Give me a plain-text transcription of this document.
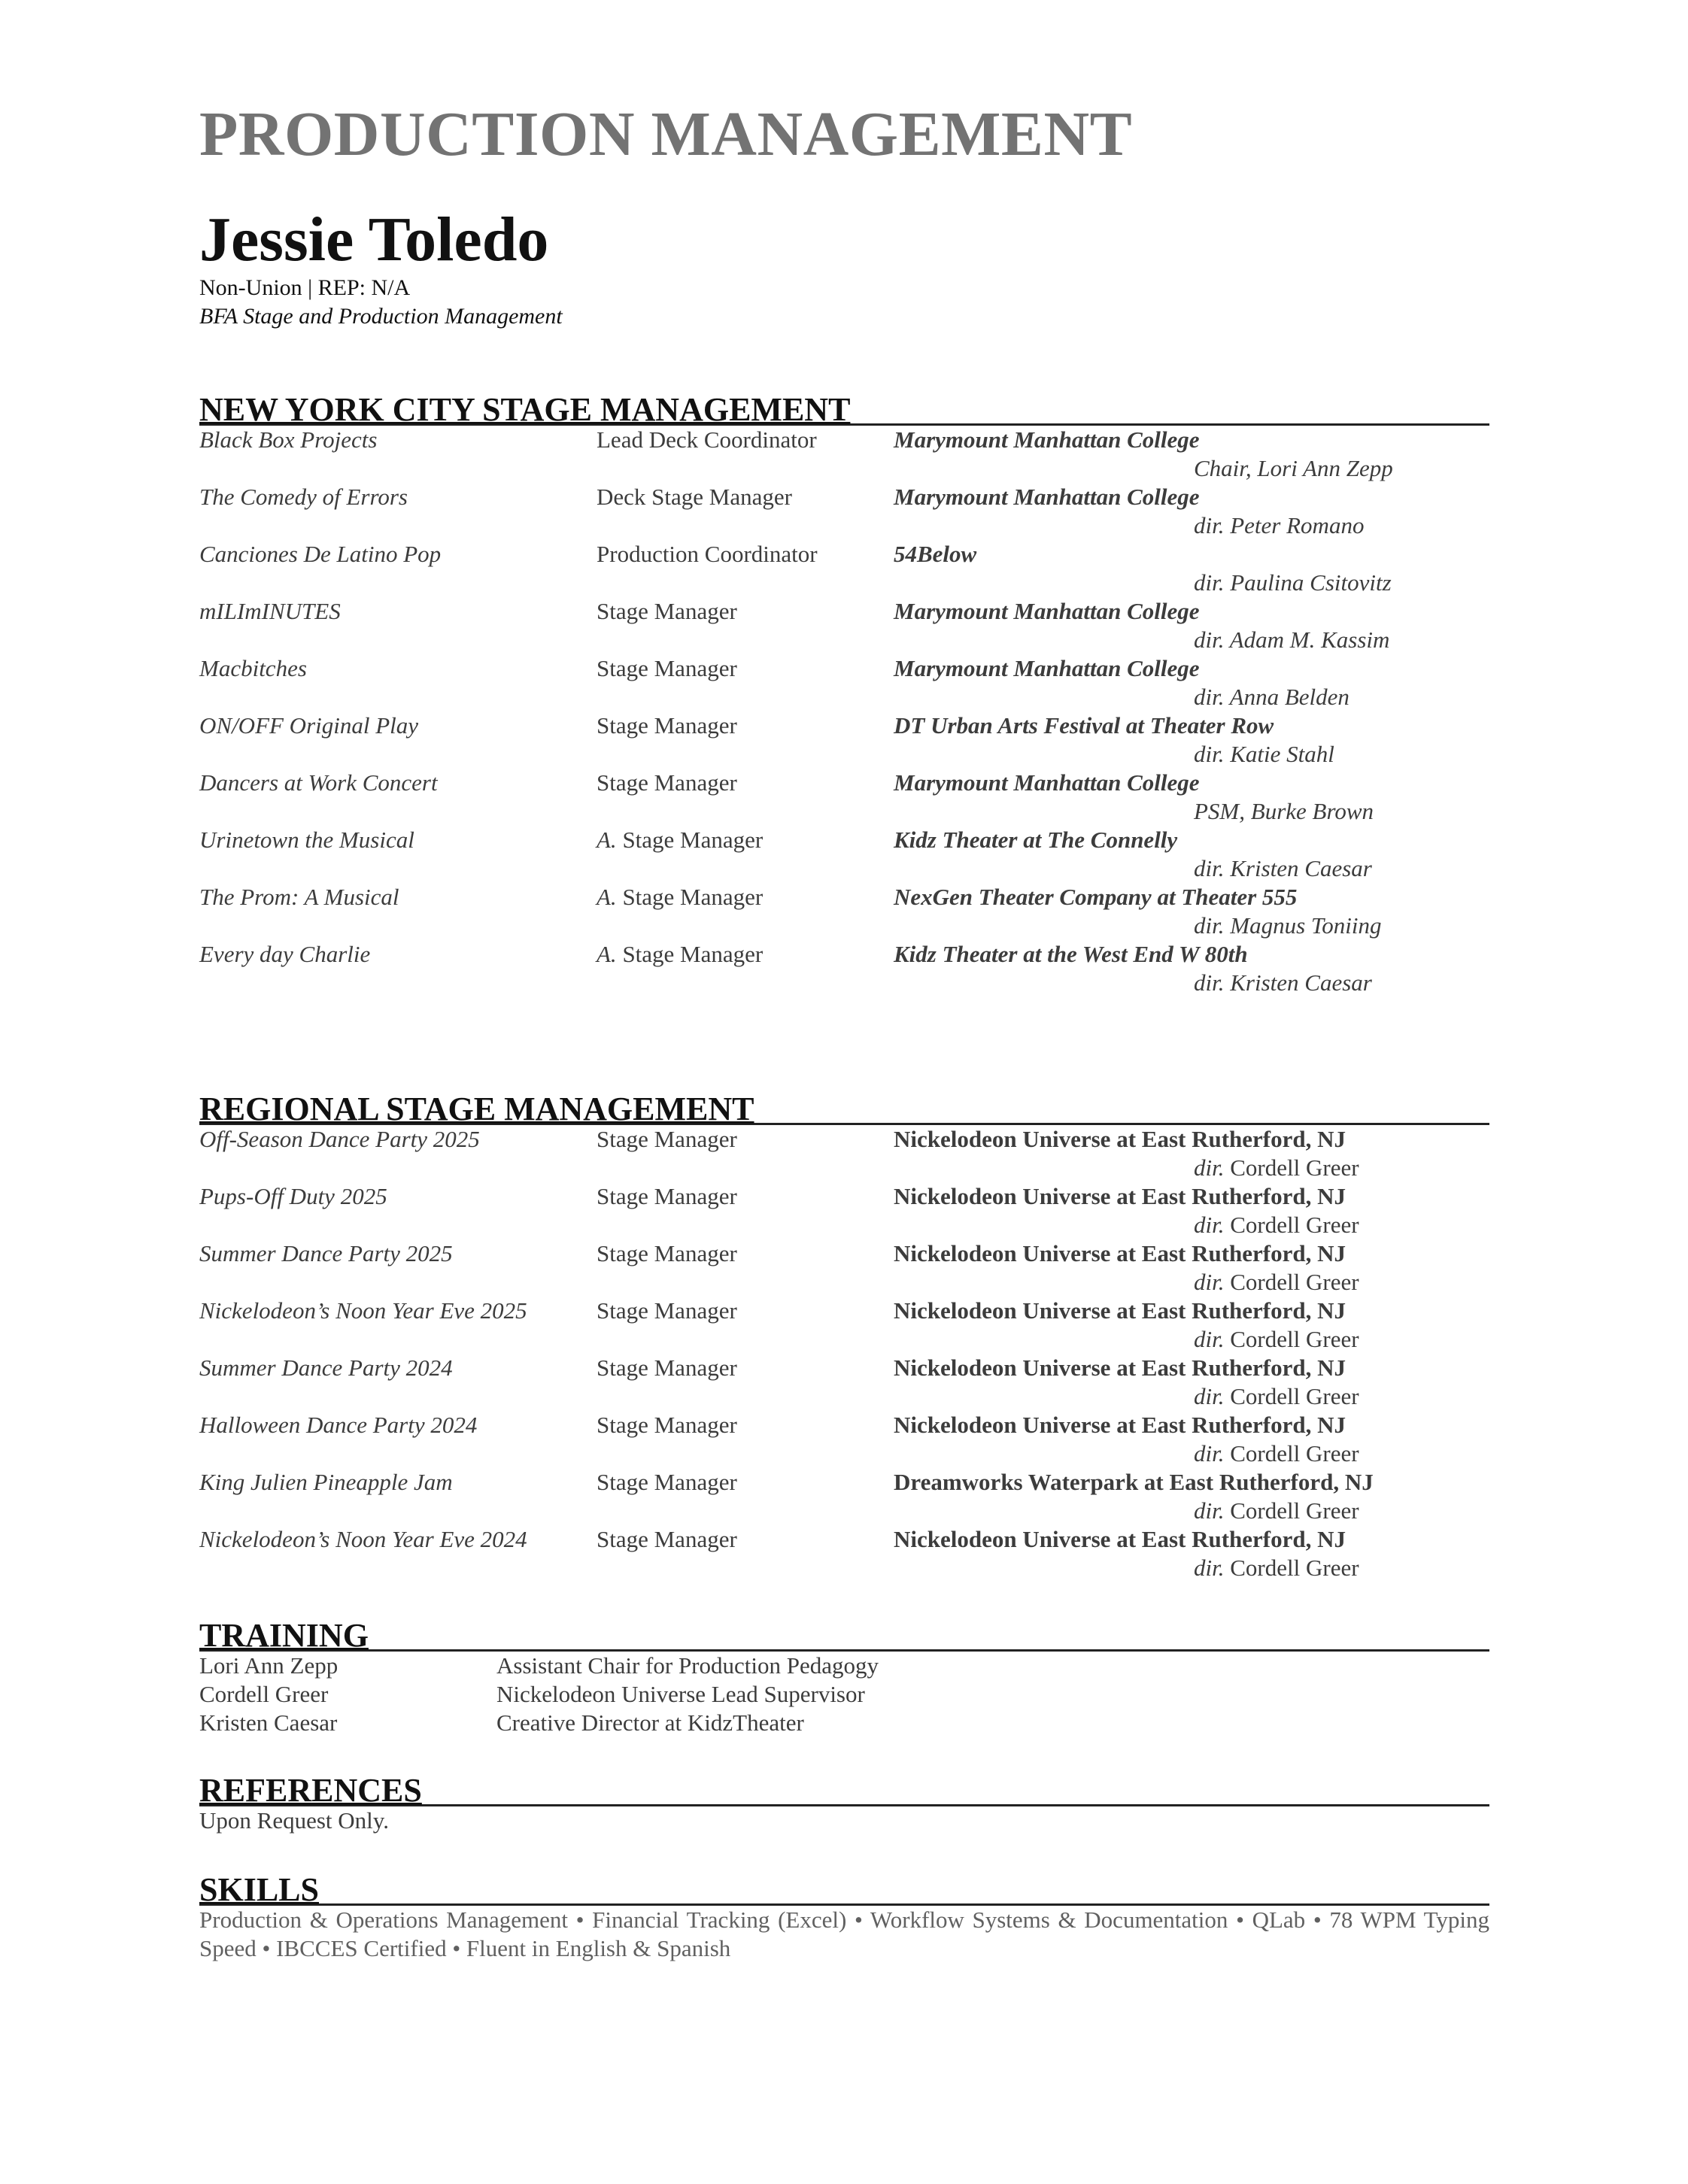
PRODUCTION MANAGEMENT
Jessie Toledo
Non-Union | REP: N/A
BFA Stage and Production Management
NEW YORK CITY STAGE MANAGEMENT
Black Box Projects	Lead Deck Coordinator	Marymount Manhattan College
Chair, Lori Ann Zepp
The Comedy of Errors	Deck Stage Manager	Marymount Manhattan College
dir. Peter Romano
Canciones De Latino Pop	Production Coordinator	54Below
dir. Paulina Csitovitz
mILImINUTES	Stage Manager	Marymount Manhattan College
dir. Adam M. Kassim
Macbitches	Stage Manager	Marymount Manhattan College
dir. Anna Belden
ON/OFF Original Play	Stage Manager	DT Urban Arts Festival at Theater Row
dir. Katie Stahl
Dancers at Work Concert	Stage Manager	Marymount Manhattan College
PSM, Burke Brown
Urinetown the Musical	A. Stage Manager	Kidz Theater at The Connelly
dir. Kristen Caesar
The Prom: A Musical	A. Stage Manager	NexGen Theater Company at Theater 555
dir. Magnus Toniing
Every day Charlie	A. Stage Manager	Kidz Theater at the West End W 80th
dir. Kristen Caesar
REGIONAL STAGE MANAGEMENT
Off-Season Dance Party 2025	Stage Manager	Nickelodeon Universe at East Rutherford, NJ
dir. Cordell Greer
Pups-Off Duty 2025	Stage Manager	Nickelodeon Universe at East Rutherford, NJ
dir. Cordell Greer
Summer Dance Party 2025	Stage Manager	Nickelodeon Universe at East Rutherford, NJ
dir. Cordell Greer
Nickelodeon’s Noon Year Eve 2025	Stage Manager	Nickelodeon Universe at East Rutherford, NJ
dir. Cordell Greer
Summer Dance Party 2024	Stage Manager	Nickelodeon Universe at East Rutherford, NJ
dir. Cordell Greer
Halloween Dance Party 2024	Stage Manager	Nickelodeon Universe at East Rutherford, NJ
dir. Cordell Greer
King Julien Pineapple Jam	Stage Manager	Dreamworks Waterpark at East Rutherford, NJ
dir. Cordell Greer
Nickelodeon’s Noon Year Eve 2024	Stage Manager	Nickelodeon Universe at East Rutherford, NJ
dir. Cordell Greer
TRAINING
Lori Ann Zepp	Assistant Chair for Production Pedagogy
Cordell Greer	Nickelodeon Universe Lead Supervisor
Kristen Caesar	Creative Director at KidzTheater
REFERENCES
Upon Request Only.
SKILLS
Production & Operations Management • Financial Tracking (Excel) • Workflow Systems & Documentation • QLab • 78 WPM Typing Speed • IBCCES Certified • Fluent in English & Spanish
